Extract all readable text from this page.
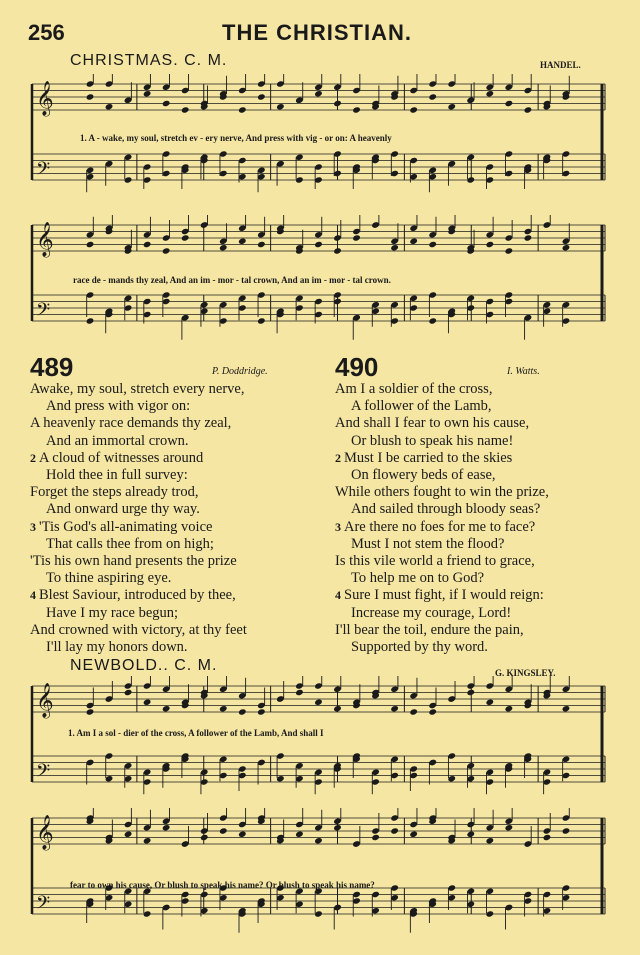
256	THE CHRISTIAN.
CHRISTMAS. C. M.	HANDEL.
𝄞
𝄢
1. A - wake, my soul, stretch ev - ery nerve, And press with vig - or on: A heavenly
𝄞
𝄢
race de - mands thy zeal, And an im - mor - tal crown, And an im - mor - tal crown.
489	P. Doddridge.
Awake, my soul, stretch every nerve,
And press with vigor on:
A heavenly race demands thy zeal,
And an immortal crown.
2 A cloud of witnesses around
Hold thee in full survey:
Forget the steps already trod,
And onward urge thy way.
3 'Tis God's all-animating voice
That calls thee from on high;
'Tis his own hand presents the prize
To thine aspiring eye.
4 Blest Saviour, introduced by thee,
Have I my race begun;
And crowned with victory, at thy feet
I'll lay my honors down.
490	I. Watts.
Am I a soldier of the cross,
A follower of the Lamb,
And shall I fear to own his cause,
Or blush to speak his name!
2 Must I be carried to the skies
On flowery beds of ease,
While others fought to win the prize,
And sailed through bloody seas?
3 Are there no foes for me to face?
Must I not stem the flood?
Is this vile world a friend to grace,
To help me on to God?
4 Sure I must fight, if I would reign:
Increase my courage, Lord!
I'll bear the toil, endure the pain,
Supported by thy word.
NEWBOLD.. C. M.	G. KINGSLEY.
𝄞
𝄢
1. Am I a sol - dier of the cross, A follower of the Lamb, And shall I
𝄞
𝄢
fear to own his cause, Or blush to speak his name? Or blush to speak his name?
